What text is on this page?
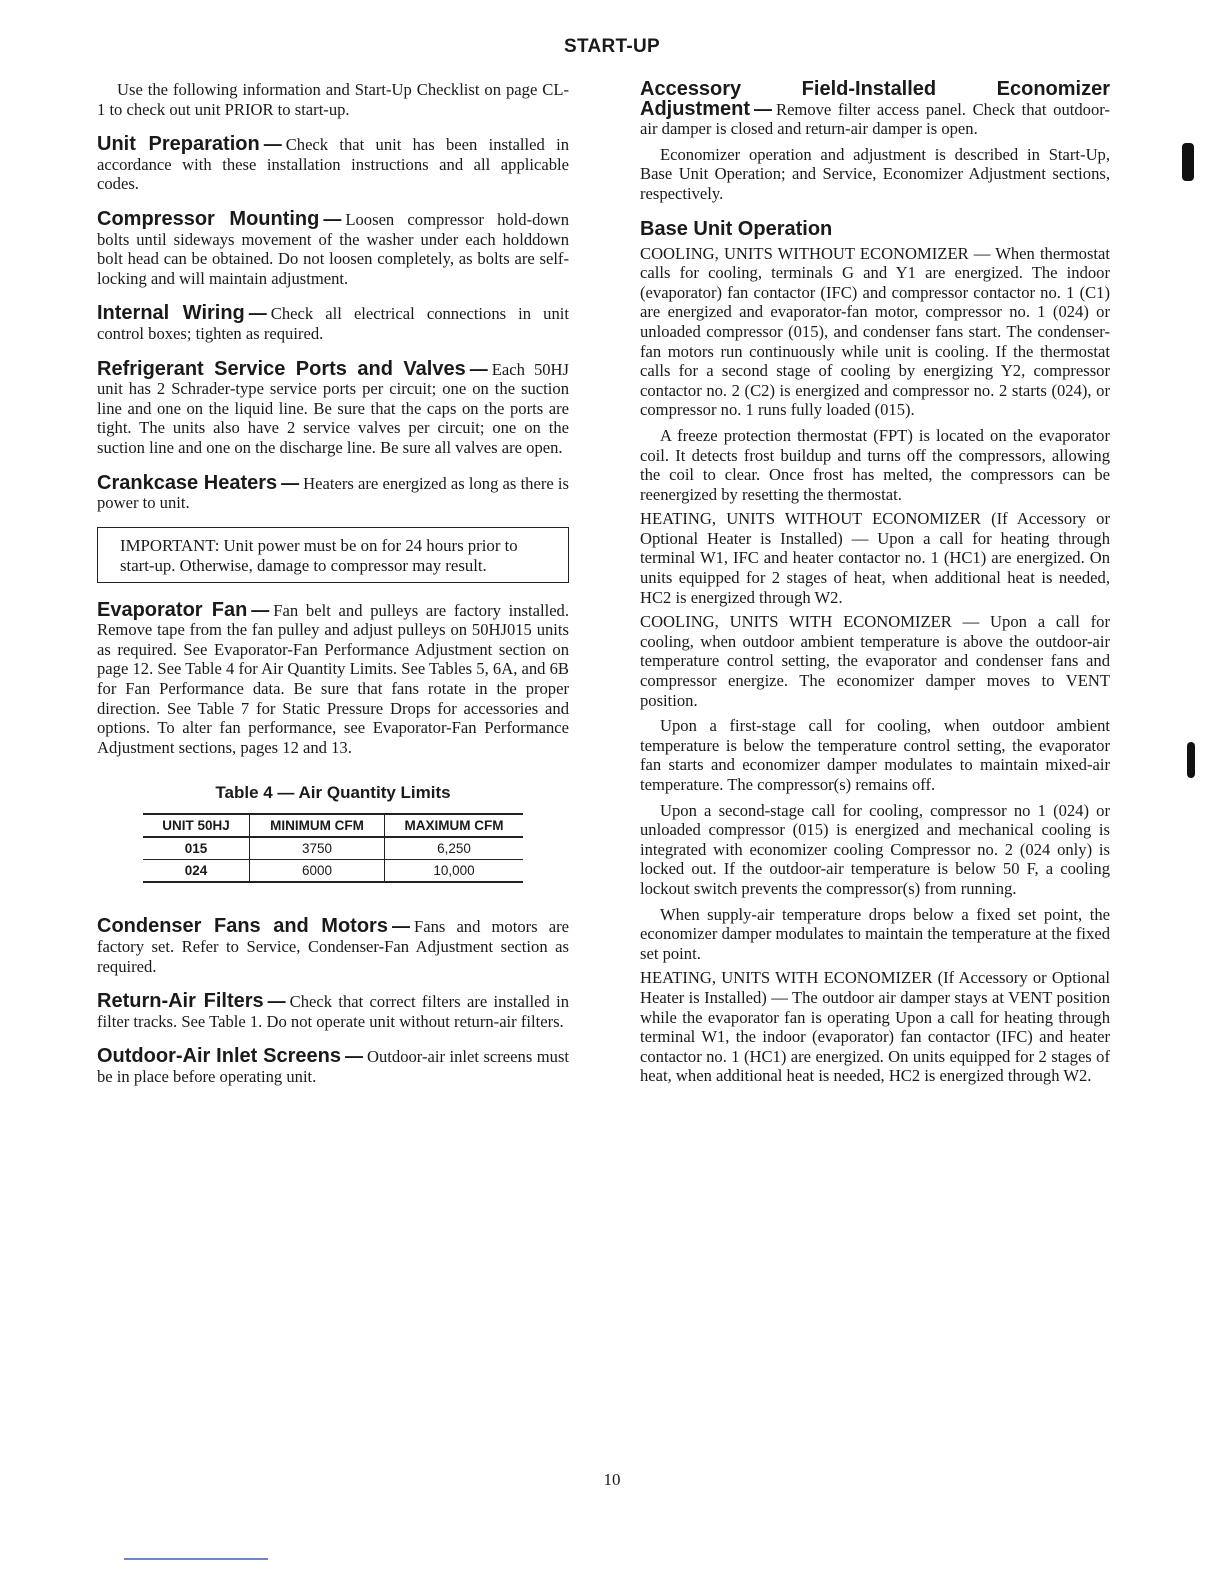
START-UP

Use the following information and Start-Up Checklist on page CL-1 to check out unit PRIOR to start-up.

Unit Preparation — Check that unit has been installed in accordance with these installation instructions and all applicable codes.

Compressor Mounting — Loosen compressor hold-down bolts until sideways movement of the washer under each holddown bolt head can be obtained. Do not loosen completely, as bolts are self-locking and will maintain adjustment.

Internal Wiring — Check all electrical connections in unit control boxes; tighten as required.

Refrigerant Service Ports and Valves — Each 50HJ unit has 2 Schrader-type service ports per circuit; one on the suction line and one on the liquid line. Be sure that the caps on the ports are tight. The units also have 2 service valves per circuit; one on the suction line and one on the discharge line. Be sure all valves are open.

Crankcase Heaters — Heaters are energized as long as there is power to unit.

IMPORTANT: Unit power must be on for 24 hours prior to start-up. Otherwise, damage to compressor may result.

Evaporator Fan — Fan belt and pulleys are factory installed. Remove tape from the fan pulley and adjust pulleys on 50HJ015 units as required. See Evaporator-Fan Performance Adjustment section on page 12. See Table 4 for Air Quantity Limits. See Tables 5, 6A, and 6B for Fan Performance data. Be sure that fans rotate in the proper direction. See Table 7 for Static Pressure Drops for accessories and options. To alter fan performance, see Evaporator-Fan Performance Adjustment sections, pages 12 and 13.

Table 4 — Air Quantity Limits
UNIT 50HJ	MINIMUM CFM	MAXIMUM CFM
015	3750	6,250
024	6000	10,000

Condenser Fans and Motors — Fans and motors are factory set. Refer to Service, Condenser-Fan Adjustment section as required.

Return-Air Filters — Check that correct filters are installed in filter tracks. See Table 1. Do not operate unit without return-air filters.

Outdoor-Air Inlet Screens — Outdoor-air inlet screens must be in place before operating unit.

Accessory Field-Installed Economizer Adjustment — Remove filter access panel. Check that outdoor-air damper is closed and return-air damper is open.

Economizer operation and adjustment is described in Start-Up, Base Unit Operation; and Service, Economizer Adjustment sections, respectively.

Base Unit Operation

COOLING, UNITS WITHOUT ECONOMIZER — When thermostat calls for cooling, terminals G and Y1 are energized. The indoor (evaporator) fan contactor (IFC) and compressor contactor no. 1 (C1) are energized and evaporator-fan motor, compressor no. 1 (024) or unloaded compressor (015), and condenser fans start. The condenser-fan motors run continuously while unit is cooling. If the thermostat calls for a second stage of cooling by energizing Y2, compressor contactor no. 2 (C2) is energized and compressor no. 2 starts (024), or compressor no. 1 runs fully loaded (015).

A freeze protection thermostat (FPT) is located on the evaporator coil. It detects frost buildup and turns off the compressors, allowing the coil to clear. Once frost has melted, the compressors can be reenergized by resetting the thermostat.

HEATING, UNITS WITHOUT ECONOMIZER (If Accessory or Optional Heater is Installed) — Upon a call for heating through terminal W1, IFC and heater contactor no. 1 (HC1) are energized. On units equipped for 2 stages of heat, when additional heat is needed, HC2 is energized through W2.

COOLING, UNITS WITH ECONOMIZER — Upon a call for cooling, when outdoor ambient temperature is above the outdoor-air temperature control setting, the evaporator and condenser fans and compressor energize. The economizer damper moves to VENT position.

Upon a first-stage call for cooling, when outdoor ambient temperature is below the temperature control setting, the evaporator fan starts and economizer damper modulates to maintain mixed-air temperature. The compressor(s) remains off.

Upon a second-stage call for cooling, compressor no 1 (024) or unloaded compressor (015) is energized and mechanical cooling is integrated with economizer cooling Compressor no. 2 (024 only) is locked out. If the outdoor-air temperature is below 50 F, a cooling lockout switch prevents the compressor(s) from running.

When supply-air temperature drops below a fixed set point, the economizer damper modulates to maintain the temperature at the fixed set point.

HEATING, UNITS WITH ECONOMIZER (If Accessory or Optional Heater is Installed) — The outdoor air damper stays at VENT position while the evaporator fan is operating Upon a call for heating through terminal W1, the indoor (evaporator) fan contactor (IFC) and heater contactor no. 1 (HC1) are energized. On units equipped for 2 stages of heat, when additional heat is needed, HC2 is energized through W2.

10
